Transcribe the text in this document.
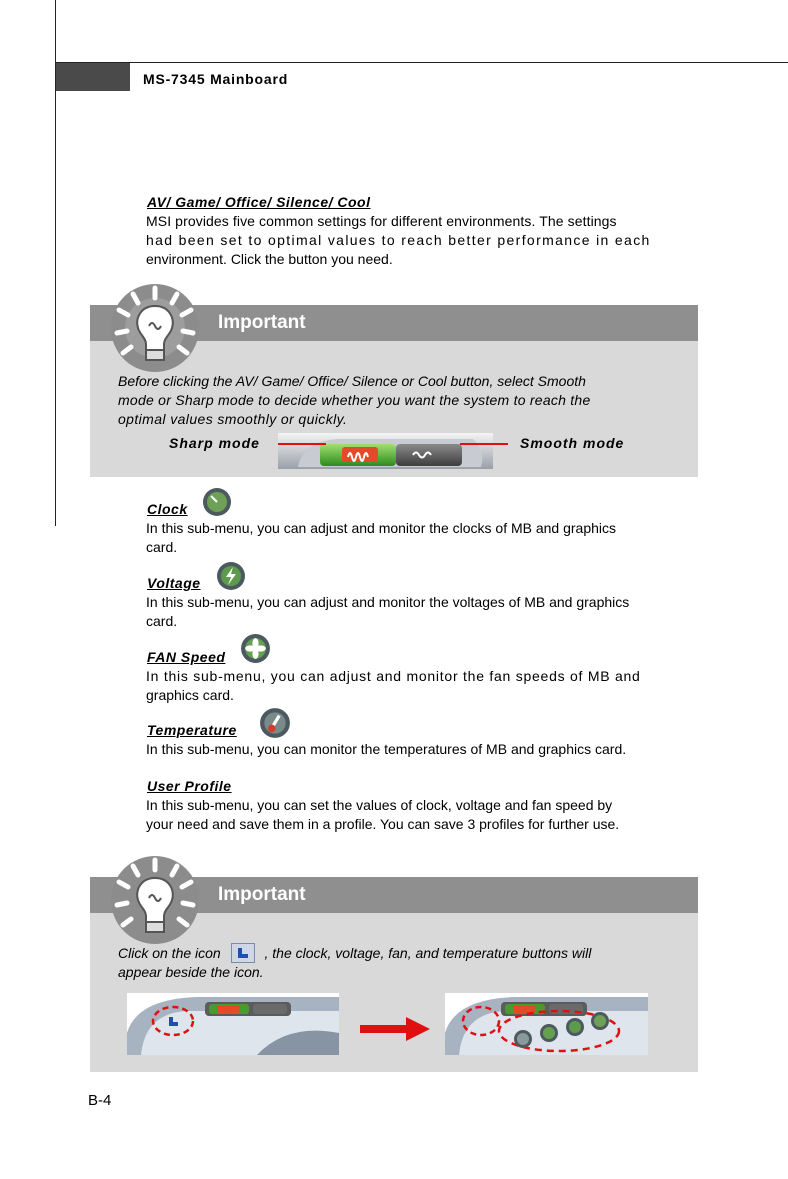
MS-7345 Mainboard
AV/ Game/ Office/ Silence/ Cool
MSI provides five common settings for different environments. The settings
had been set to optimal values to reach better performance in each
environment. Click the button you need.
Important
Before clicking the AV/ Game/ Office/ Silence or Cool button, select Smooth
mode or Sharp mode to decide whether you want the system to reach the
optimal values smoothly or quickly.
Sharp mode	Smooth mode
Clock
In this sub-menu, you can adjust and monitor the clocks of MB and graphics
card.
Voltage
In this sub-menu, you can adjust and monitor the voltages of MB and graphics
card.
FAN Speed
In this sub-menu, you can adjust and monitor the fan speeds of MB and
graphics card.
Temperature
In this sub-menu, you can monitor the temperatures of MB and graphics card.
User Profile
In this sub-menu, you can set the values of clock, voltage and fan speed by
your need and save them in a profile. You can save 3 profiles for further use.
Important
Click on the icon	, the clock, voltage, fan, and temperature buttons will
appear beside the icon.
B-4
